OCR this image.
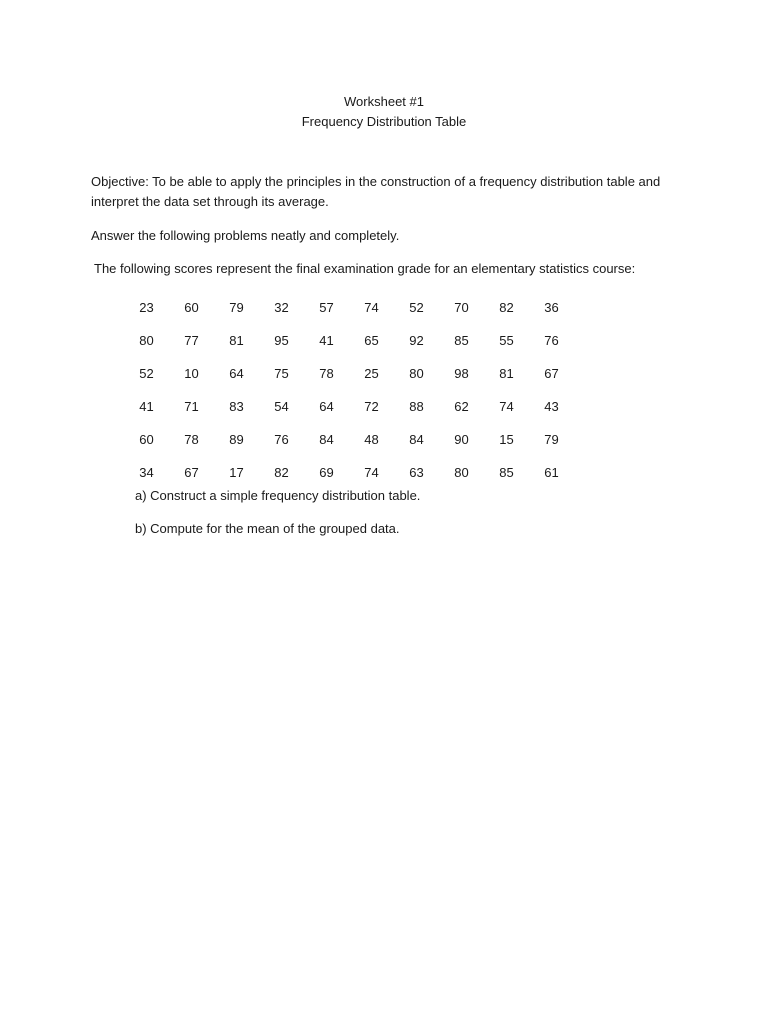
Worksheet #1
Frequency Distribution Table
Objective: To be able to apply the principles in the construction of a frequency distribution table and
interpret the data set through its average.
Answer the following problems neatly and completely.
The following scores represent the final examination grade for an elementary statistics course:
23	60	79	32	57	74	52	70	82	36
80	77	81	95	41	65	92	85	55	76
52	10	64	75	78	25	80	98	81	67
41	71	83	54	64	72	88	62	74	43
60	78	89	76	84	48	84	90	15	79
34	67	17	82	69	74	63	80	85	61
a) Construct a simple frequency distribution table.
b) Compute for the mean of the grouped data.
